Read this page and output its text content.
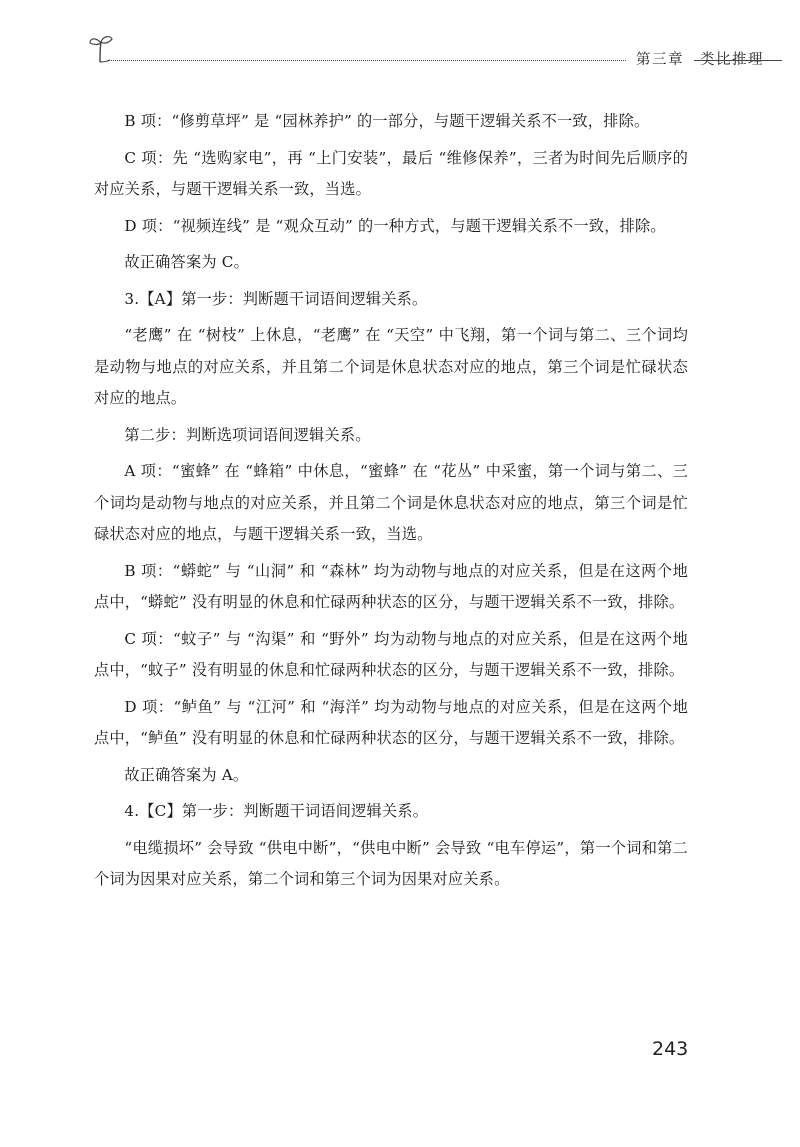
第三章  类比推理

B 项：“修剪草坪” 是 “园林养护” 的一部分，与题干逻辑关系不一致，排除。

C 项：先 “选购家电”，再 “上门安装”，最后 “维修保养”，三者为时间先后顺序的对应关系，与题干逻辑关系一致，当选。

D 项：“视频连线” 是 “观众互动” 的一种方式，与题干逻辑关系不一致，排除。

故正确答案为 C。

3.【A】第一步：判断题干词语间逻辑关系。

“老鹰” 在 “树枝” 上休息，“老鹰” 在 “天空” 中飞翔，第一个词与第二、三个词均是动物与地点的对应关系，并且第二个词是休息状态对应的地点，第三个词是忙碌状态对应的地点。

第二步：判断选项词语间逻辑关系。

A 项：“蜜蜂” 在 “蜂箱” 中休息，“蜜蜂” 在 “花丛” 中采蜜，第一个词与第二、三个词均是动物与地点的对应关系，并且第二个词是休息状态对应的地点，第三个词是忙碌状态对应的地点，与题干逻辑关系一致，当选。

B 项：“蟒蛇” 与 “山洞” 和 “森林” 均为动物与地点的对应关系，但是在这两个地点中，“蟒蛇” 没有明显的休息和忙碌两种状态的区分，与题干逻辑关系不一致，排除。

C 项：“蚊子” 与 “沟渠” 和 “野外” 均为动物与地点的对应关系，但是在这两个地点中，“蚊子” 没有明显的休息和忙碌两种状态的区分，与题干逻辑关系不一致，排除。

D 项：“鲈鱼” 与 “江河” 和 “海洋” 均为动物与地点的对应关系，但是在这两个地点中，“鲈鱼” 没有明显的休息和忙碌两种状态的区分，与题干逻辑关系不一致，排除。

故正确答案为 A。

4.【C】第一步：判断题干词语间逻辑关系。

“电缆损坏” 会导致 “供电中断”，“供电中断” 会导致 “电车停运”，第一个词和第二个词为因果对应关系，第二个词和第三个词为因果对应关系。

243
